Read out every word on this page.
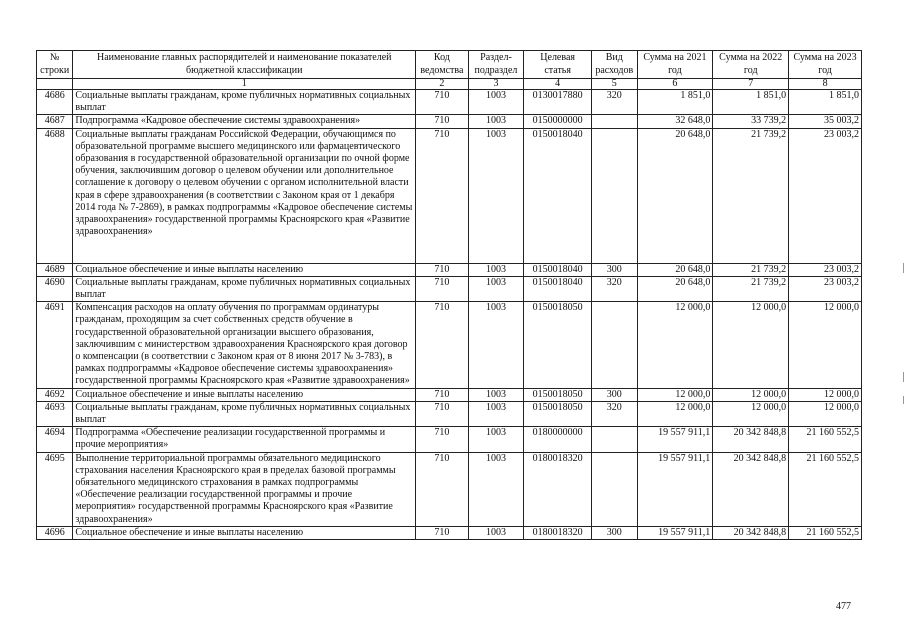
№ строки	Наименование главных распорядителей и наименование показателей бюджетной классификации	Код ведомства	Раздел-подраздел	Целевая статья	Вид расходов	Сумма на 2021 год	Сумма на 2022 год	Сумма на 2023 год
	1	2	3	4	5	6	7	8
4686	Социальные выплаты гражданам, кроме публичных нормативных социальных выплат	710	1003	0130017880	320	1 851,0	1 851,0	1 851,0
4687	Подпрограмма «Кадровое обеспечение системы здравоохранения»	710	1003	0150000000		32 648,0	33 739,2	35 003,2
4688	Социальные выплаты гражданам Российской Федерации, обучающимся по образовательной программе высшего медицинского или фармацевтического образования в государственной образовательной организации по очной форме обучения, заключившим договор о целевом обучении или дополнительное соглашение к договору о целевом обучении с органом исполнительной власти края в сфере здравоохранения (в соответствии с Законом края от 1 декабря 2014 года № 7-2869), в рамках подпрограммы «Кадровое обеспечение системы здравоохранения» государственной программы Красноярского края «Развитие здравоохранения»	710	1003	0150018040		20 648,0	21 739,2	23 003,2
4689	Социальное обеспечение и иные выплаты населению	710	1003	0150018040	300	20 648,0	21 739,2	23 003,2
4690	Социальные выплаты гражданам, кроме публичных нормативных социальных выплат	710	1003	0150018040	320	20 648,0	21 739,2	23 003,2
4691	Компенсация расходов на оплату обучения по программам ординатуры гражданам, проходящим за счет собственных средств обучение в государственной образовательной организации высшего образования, заключившим с министерством здравоохранения Красноярского края договор о компенсации (в соответствии с Законом края от 8 июня 2017 № 3-783), в рамках подпрограммы «Кадровое обеспечение системы здравоохранения» государственной программы Красноярского края «Развитие здравоохранения»	710	1003	0150018050		12 000,0	12 000,0	12 000,0
4692	Социальное обеспечение и иные выплаты населению	710	1003	0150018050	300	12 000,0	12 000,0	12 000,0
4693	Социальные выплаты гражданам, кроме публичных нормативных социальных выплат	710	1003	0150018050	320	12 000,0	12 000,0	12 000,0
4694	Подпрограмма «Обеспечение реализации государственной программы и прочие мероприятия»	710	1003	0180000000		19 557 911,1	20 342 848,8	21 160 552,5
4695	Выполнение территориальной программы обязательного медицинского страхования населения Красноярского края в пределах базовой программы обязательного медицинского страхования в рамках подпрограммы «Обеспечение реализации государственной программы и прочие мероприятия» государственной программы Красноярского края «Развитие здравоохранения»	710	1003	0180018320		19 557 911,1	20 342 848,8	21 160 552,5
4696	Социальное обеспечение и иные выплаты населению	710	1003	0180018320	300	19 557 911,1	20 342 848,8	21 160 552,5
477
